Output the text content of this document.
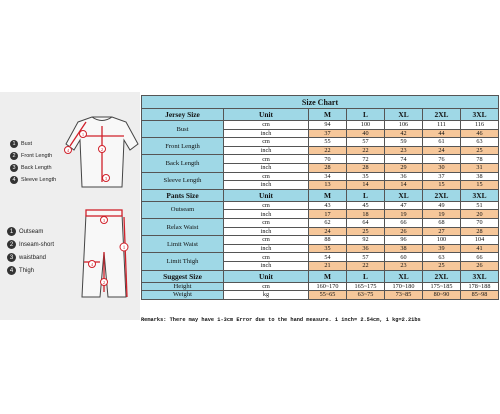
1
2
3
4
3
1
4
2
1 Bust
2 Front Length
3 Back Length
4 Sleeve Length
1 Outseam
2 Inseam-short
3 waistband
4 Thigh
Size Chart						
Jersey Size	Unit	M	L	XL	2XL	3XL
Bust	cm	94	100	106	111	116
	inch	37	40	42	44	46
Front Length	cm	55	57	59	61	63
	inch	22	22	23	24	25
Back Length	cm	70	72	74	76	78
	inch	28	28	29	30	31
Sleeve Length	cm	34	35	36	37	38
	inch	13	14	14	15	15
Pants Size	Unit	M	L	XL	2XL	3XL
Outseam	cm	43	45	47	49	51
	inch	17	18	19	19	20
Relax Waist	cm	62	64	66	68	70
	inch	24	25	26	27	28
Limit Waist	cm	88	92	96	100	104
	inch	35	36	38	39	41
Limit Thigh	cm	54	57	60	63	66
	inch	21	22	23	25	26
Suggest Size	Unit	M	L	XL	2XL	3XL
Height	cm	160~170	165~175	170~180	175~185	178~188
Weight	kg	55~65	63~75	73~85	80~90	85~98
Remarks: There may have 1-3cm Error due to the hand measure. 1 inch= 2.54cm, 1 kg=2.21bs
